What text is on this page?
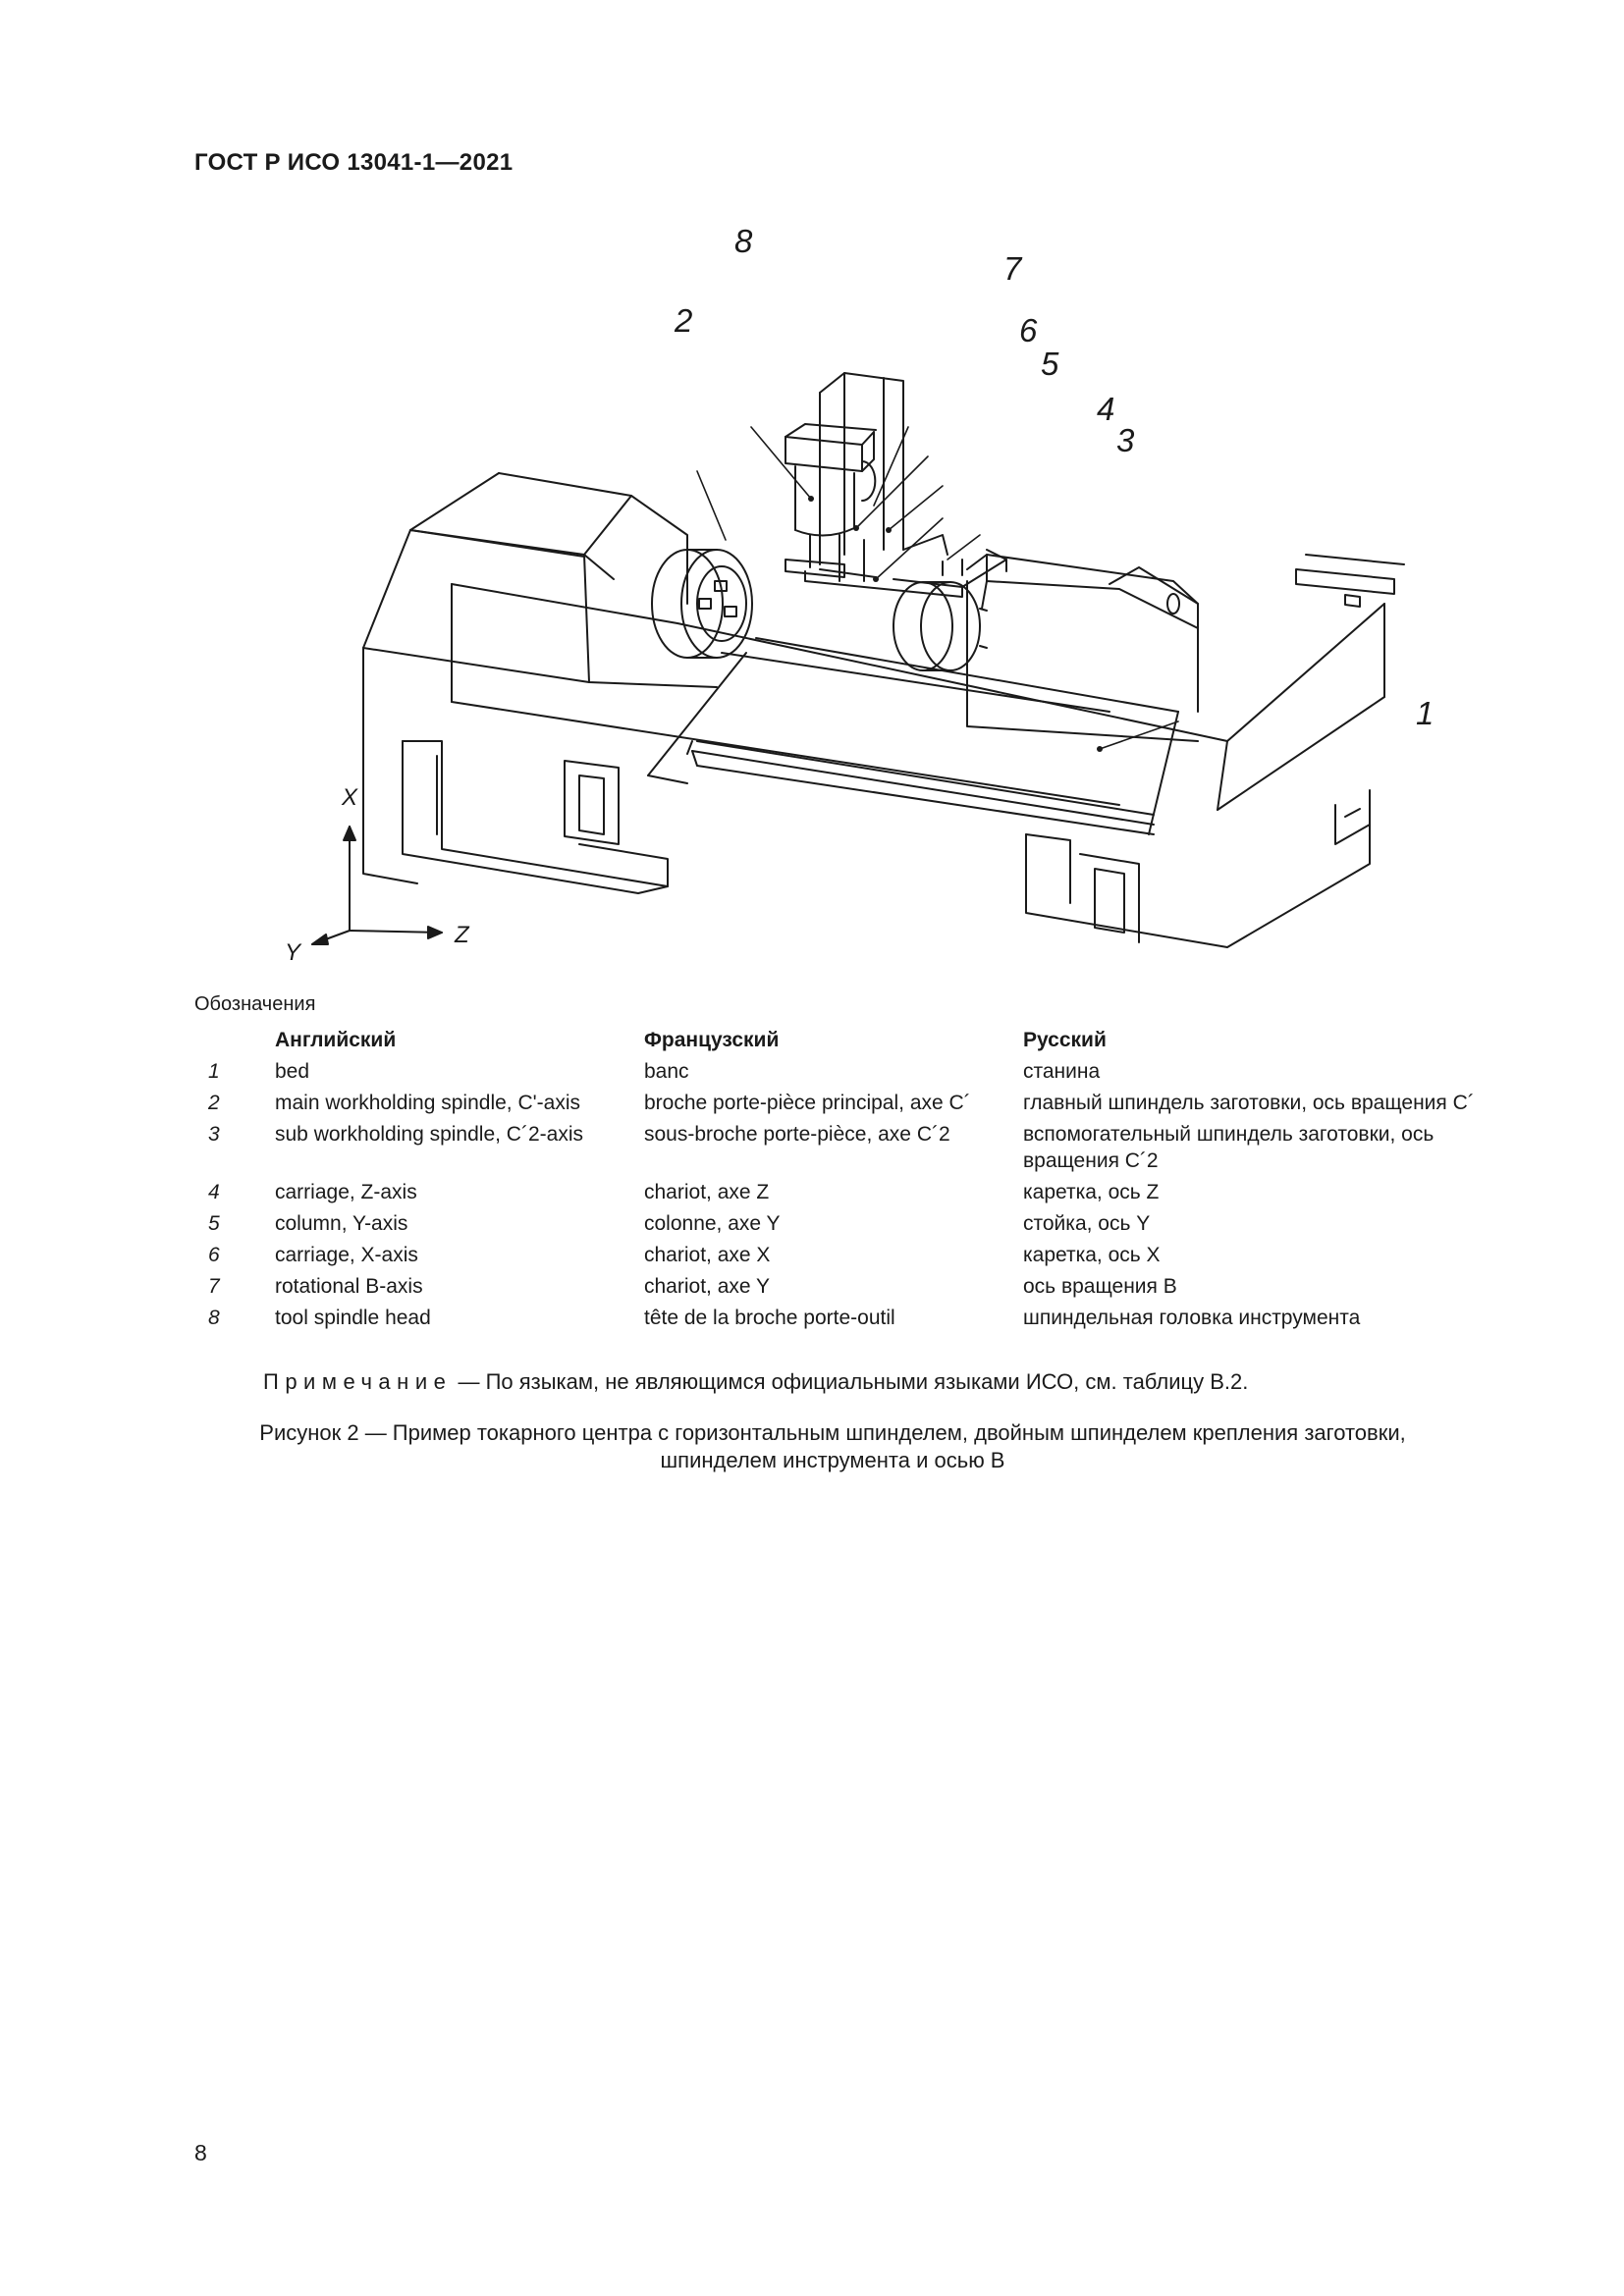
ГОСТ Р ИСО 13041-1—2021
8
7
2	6
5
4
3
1
X
Z
Y
Обозначения
	Английский	Французский	Русский
1	bed	banc	станина
2	main workholding spindle, C'-axis	broche porte-pièce principal, axe C´	главный шпиндель заготовки, ось вращения C´
3	sub workholding spindle, C´2-axis	sous-broche porte-pièce, axe C´2	вспомогательный шпиндель заготовки, ось вращения C´2
4	carriage, Z-axis	chariot, axe Z	каретка, ось Z
5	column, Y-axis	colonne, axe Y	стойка, ось Y
6	carriage, X-axis	chariot, axe X	каретка, ось X
7	rotational B-axis	chariot, axe Y	ось вращения B
8	tool spindle head	tête de la broche porte-outil	шпиндельная головка инструмента
Примечание — По языкам, не являющимся официальными языками ИСО, см. таблицу B.2.
Рисунок 2 — Пример токарного центра с горизонтальным шпинделем, двойным шпинделем крепления заготовки,
шпинделем инструмента и осью B
8
